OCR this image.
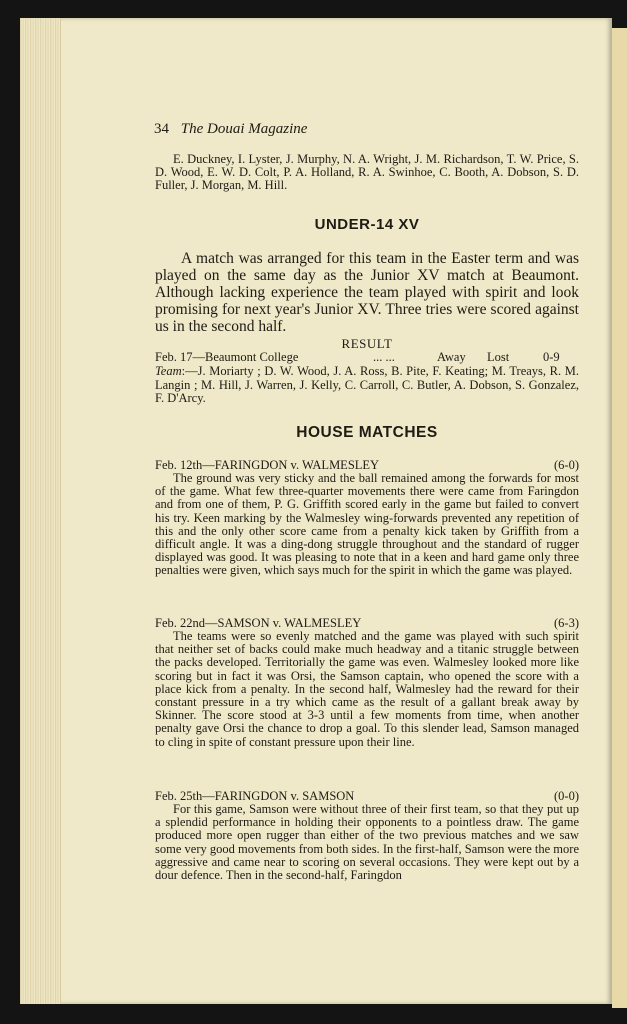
34 The Douai Magazine

E. Duckney, I. Lyster, J. Murphy, N. A. Wright, J. M. Richardson, T. W. Price, S. D. Wood, E. W. D. Colt, P. A. Holland, R. A. Swinhoe, C. Booth, A. Dobson, S. D. Fuller, J. Morgan, M. Hill.

UNDER-14 XV

A match was arranged for this team in the Easter term and was played on the same day as the Junior XV match at Beaumont. Although lacking experience the team played with spirit and look promising for next year's Junior XV. Three tries were scored against us in the second half.

RESULT

Feb. 17—Beaumont College	... ...	Away Lost	0-9

Team:—J. Moriarty ; D. W. Wood, J. A. Ross, B. Pite, F. Keating; M. Treays, R. M. Langin ; M. Hill, J. Warren, J. Kelly, C. Carroll, C. Butler, A. Dobson, S. Gonzalez, F. D'Arcy.

HOUSE MATCHES
Feb. 12th—FARINGDON v. WALMESLEY	(6-0)

The ground was very sticky and the ball remained among the forwards for most of the game. What few three-quarter movements there were came from Faringdon and from one of them, P. G. Griffith scored early in the game but failed to convert his try. Keen marking by the Walmesley wing-forwards prevented any repetition of this and the only other score came from a penalty kick taken by Griffith from a difficult angle. It was a ding-dong struggle throughout and the standard of rugger displayed was good. It was pleasing to note that in a keen and hard game only three penalties were given, which says much for the spirit in which the game was played.

Feb. 22nd—SAMSON v. WALMESLEY	(6-3)

The teams were so evenly matched and the game was played with such spirit that neither set of backs could make much headway and a titanic struggle between the packs developed. Territorially the game was even. Walmesley looked more like scoring but in fact it was Orsi, the Samson captain, who opened the score with a place kick from a penalty. In the second half, Walmesley had the reward for their constant pressure in a try which came as the result of a gallant break away by Skinner. The score stood at 3-3 until a few moments from time, when another penalty gave Orsi the chance to drop a goal. To this slender lead, Samson managed to cling in spite of constant pressure upon their line.

Feb. 25th—FARINGDON v. SAMSON	(0-0)

For this game, Samson were without three of their first team, so that they put up a splendid performance in holding their opponents to a pointless draw. The game produced more open rugger than either of the two previous matches and we saw some very good movements from both sides. In the first-half, Samson were the more aggressive and came near to scoring on several occasions. They were kept out by a dour defence. Then in the second-half, Faringdon
